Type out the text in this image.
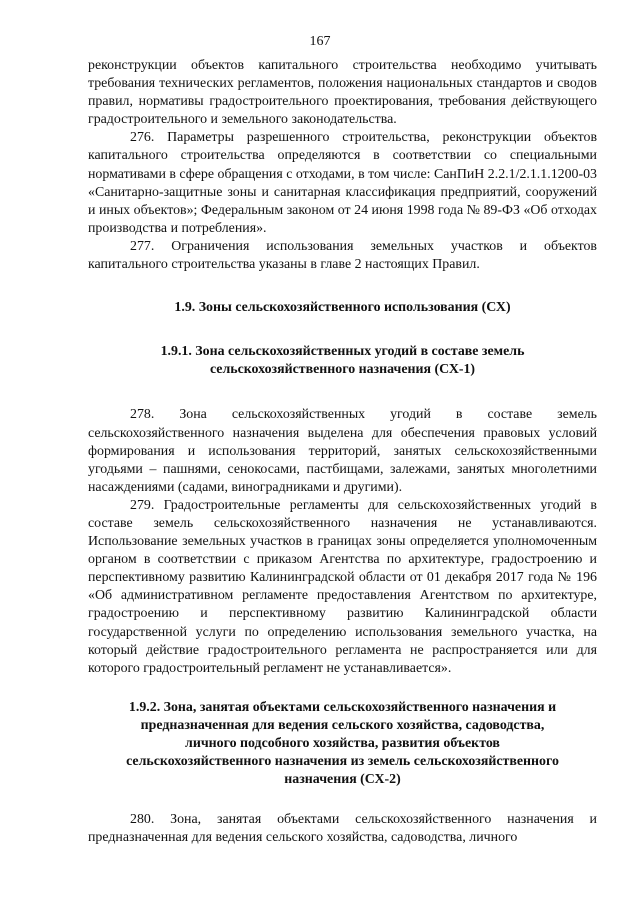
167

реконструкции объектов капитального строительства необходимо учитывать требования технических регламентов, положения национальных стандартов и сводов правил, нормативы градостроительного проектирования, требования действующего градостроительного и земельного законодательства.

276. Параметры разрешенного строительства, реконструкции объектов капитального строительства определяются в соответствии со специальными нормативами в сфере обращения с отходами, в том числе: СанПиН 2.2.1/2.1.1.1200-03 «Санитарно-защитные зоны и санитарная классификация предприятий, сооружений и иных объектов»; Федеральным законом от 24 июня 1998 года № 89-ФЗ «Об отходах производства и потребления».

277. Ограничения использования земельных участков и объектов капитального строительства указаны в главе 2 настоящих Правил.

1.9. Зоны сельскохозяйственного использования (СХ)
1.9.1. Зона сельскохозяйственных угодий в составе земель
сельскохозяйственного назначения (СХ-1)

278. Зона сельскохозяйственных угодий в составе земель сельскохозяйственного назначения выделена для обеспечения правовых условий формирования и использования территорий, занятых сельскохозяйственными угодьями – пашнями, сенокосами, пастбищами, залежами, занятых многолетними насаждениями (садами, виноградниками и другими).

279. Градостроительные регламенты для сельскохозяйственных угодий в составе земель сельскохозяйственного назначения не устанавливаются. Использование земельных участков в границах зоны определяется уполномоченным органом в соответствии с приказом Агентства по архитектуре, градостроению и перспективному развитию Калининградской области от 01 декабря 2017 года № 196 «Об административном регламенте предоставления Агентством по архитектуре, градостроению и перспективному развитию Калининградской области государственной услуги по определению использования земельного участка, на который действие градостроительного регламента не распространяется или для которого градостроительный регламент не устанавливается».

1.9.2. Зона, занятая объектами сельскохозяйственного назначения и
предназначенная для ведения сельского хозяйства, садоводства,
личного подсобного хозяйства, развития объектов
сельскохозяйственного назначения из земель сельскохозяйственного
назначения (СХ-2)

280. Зона, занятая объектами сельскохозяйственного назначения и предназначенная для ведения сельского хозяйства, садоводства, личного
